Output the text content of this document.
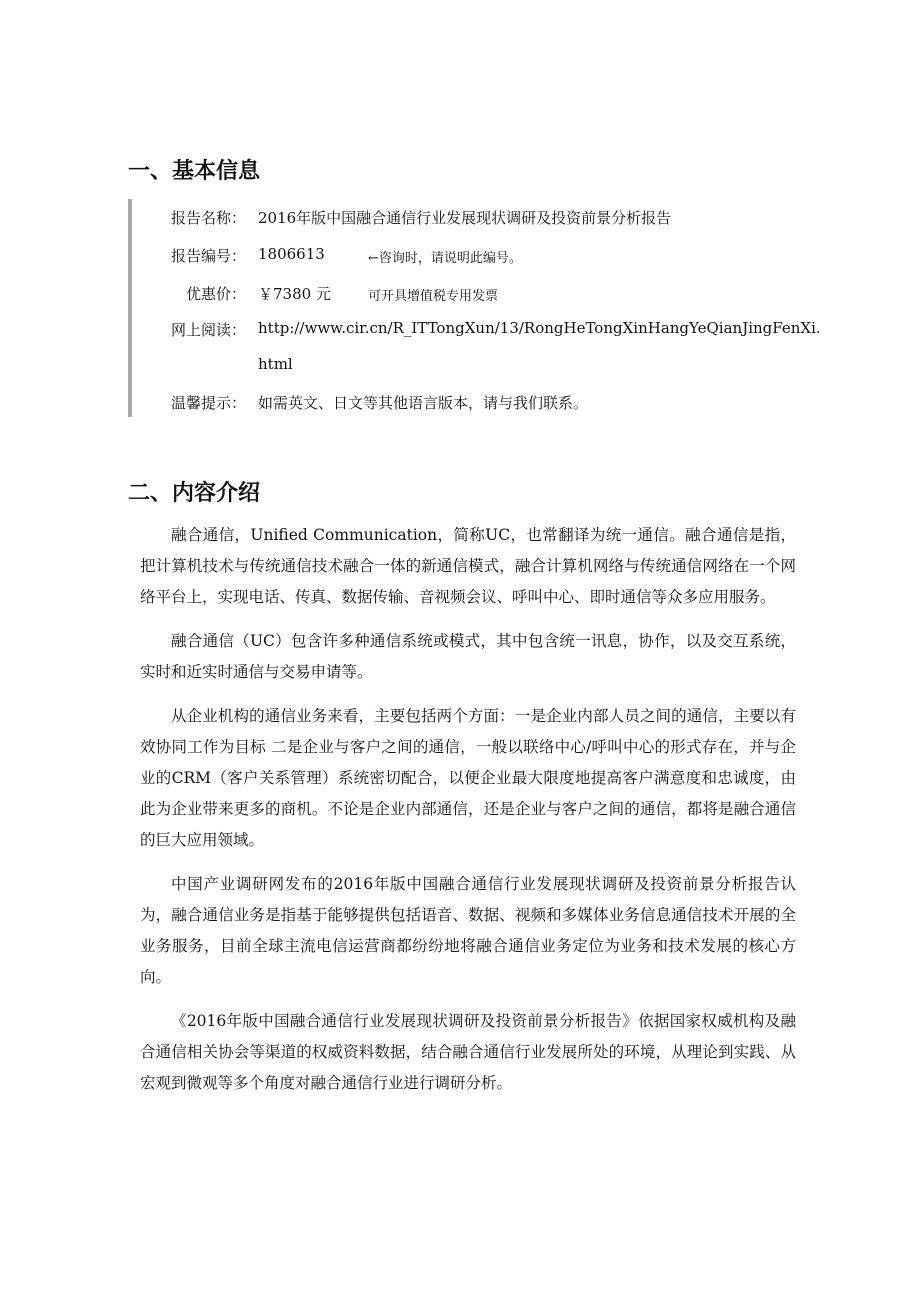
一、基本信息
报告名称： 2016年版中国融合通信行业发展现状调研及投资前景分析报告
报告编号： 1806613	←咨询时，请说明此编号。
优惠价： ￥7380 元	可开具增值税专用发票
网上阅读： http://www.cir.cn/R_ITTongXun/13/RongHeTongXinHangYeQianJingFenXi.
html
温馨提示： 如需英文、日文等其他语言版本，请与我们联系。
二、内容介绍

融合通信，Unified Communication，简称UC，也常翻译为统一通信。融合通信是指，把计算机技术与传统通信技术融合一体的新通信模式，融合计算机网络与传统通信网络在一个网络平台上，实现电话、传真、数据传输、音视频会议、呼叫中心、即时通信等众多应用服务。

融合通信（UC）包含许多种通信系统或模式，其中包含统一讯息，协作，以及交互系统，实时和近实时通信与交易申请等。

从企业机构的通信业务来看，主要包括两个方面：一是企业内部人员之间的通信，主要以有效协同工作为目标 二是企业与客户之间的通信，一般以联络中心/呼叫中心的形式存在，并与企业的CRM（客户关系管理）系统密切配合，以便企业最大限度地提高客户满意度和忠诚度，由此为企业带来更多的商机。不论是企业内部通信，还是企业与客户之间的通信，都将是融合通信的巨大应用领域。

中国产业调研网发布的2016年版中国融合通信行业发展现状调研及投资前景分析报告认为，融合通信业务是指基于能够提供包括语音、数据、视频和多媒体业务信息通信技术开展的全业务服务，目前全球主流电信运营商都纷纷地将融合通信业务定位为业务和技术发展的核心方向。

《2016年版中国融合通信行业发展现状调研及投资前景分析报告》依据国家权威机构及融合通信相关协会等渠道的权威资料数据，结合融合通信行业发展所处的环境，从理论到实践、从宏观到微观等多个角度对融合通信行业进行调研分析。
